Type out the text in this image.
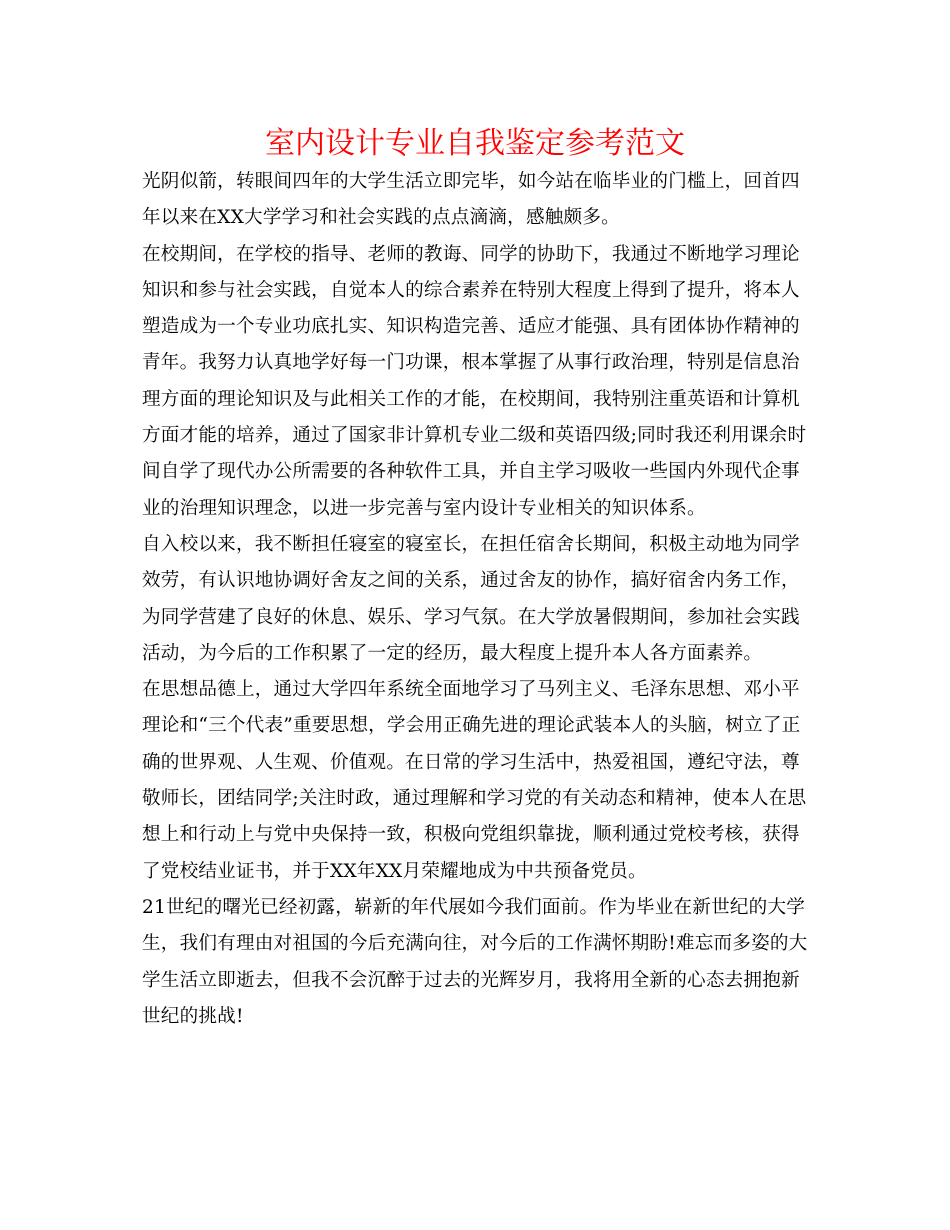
室内设计专业自我鉴定参考范文

光阴似箭，转眼间四年的大学生活立即完毕，如今站在临毕业的门槛上，回首四年以来在XX大学学习和社会实践的点点滴滴，感触颇多。

在校期间，在学校的指导、老师的教诲、同学的协助下，我通过不断地学习理论知识和参与社会实践，自觉本人的综合素养在特别大程度上得到了提升，将本人塑造成为一个专业功底扎实、知识构造完善、适应才能强、具有团体协作精神的青年。我努力认真地学好每一门功课，根本掌握了从事行政治理，特别是信息治理方面的理论知识及与此相关工作的才能，在校期间，我特别注重英语和计算机方面才能的培养，通过了国家非计算机专业二级和英语四级;同时我还利用课余时间自学了现代办公所需要的各种软件工具，并自主学习吸收一些国内外现代企事业的治理知识理念，以进一步完善与室内设计专业相关的知识体系。

自入校以来，我不断担任寝室的寝室长，在担任宿舍长期间，积极主动地为同学效劳，有认识地协调好舍友之间的关系，通过舍友的协作，搞好宿舍内务工作，为同学营建了良好的休息、娱乐、学习气氛。在大学放暑假期间，参加社会实践活动，为今后的工作积累了一定的经历，最大程度上提升本人各方面素养。

在思想品德上，通过大学四年系统全面地学习了马列主义、毛泽东思想、邓小平理论和“三个代表”重要思想，学会用正确先进的理论武装本人的头脑，树立了正确的世界观、人生观、价值观。在日常的学习生活中，热爱祖国，遵纪守法，尊敬师长，团结同学;关注时政，通过理解和学习党的有关动态和精神，使本人在思想上和行动上与党中央保持一致，积极向党组织靠拢，顺利通过党校考核，获得了党校结业证书，并于XX年XX月荣耀地成为中共预备党员。

21世纪的曙光已经初露，崭新的年代展如今我们面前。作为毕业在新世纪的大学生，我们有理由对祖国的今后充满向往，对今后的工作满怀期盼!难忘而多姿的大学生活立即逝去，但我不会沉醉于过去的光辉岁月，我将用全新的心态去拥抱新世纪的挑战!
